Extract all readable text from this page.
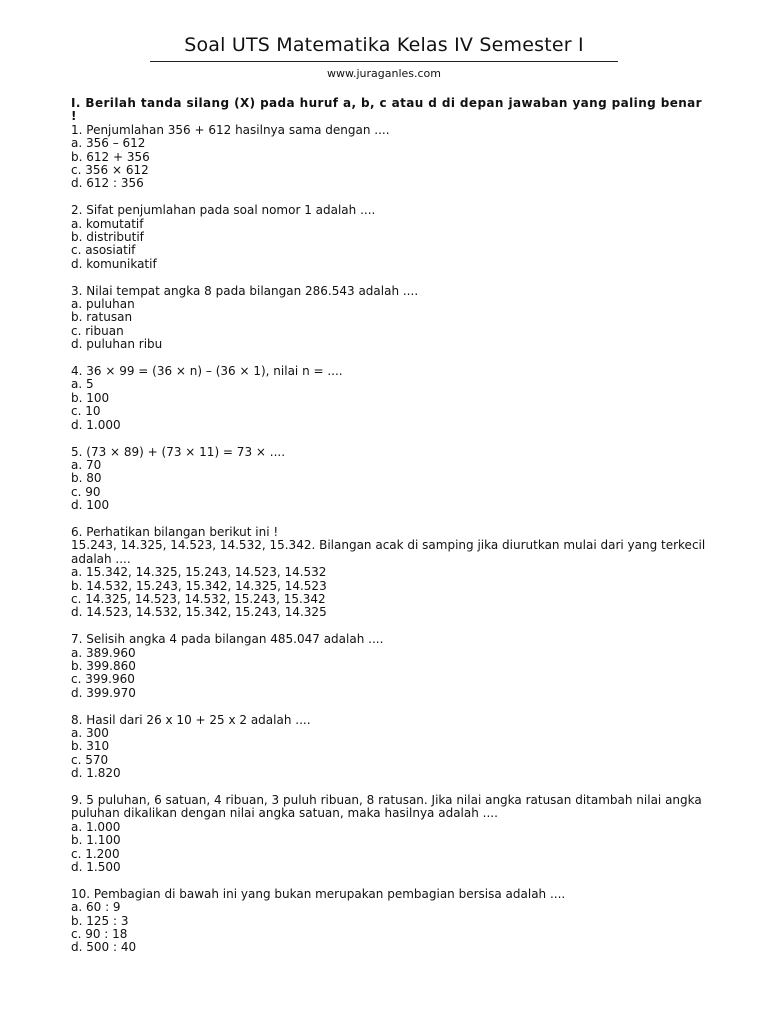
Soal UTS Matematika Kelas IV Semester I
www.juraganles.com

I. Berilah tanda silang (X) pada huruf a, b, c atau d di depan jawaban yang paling benar !

1. Penjumlahan 356 + 612 hasilnya sama dengan ....

a. 356 – 612

b. 612 + 356

c. 356 × 612

d. 612 : 356

2. Sifat penjumlahan pada soal nomor 1 adalah ....

a. komutatif

b. distributif

c. asosiatif

d. komunikatif

3. Nilai tempat angka 8 pada bilangan 286.543 adalah ....

a. puluhan

b. ratusan

c. ribuan

d. puluhan ribu

4. 36 × 99 = (36 × n) – (36 × 1), nilai n = ....

a. 5

b. 100

c. 10

d. 1.000

5. (73 × 89) + (73 × 11) = 73 × ....

a. 70

b. 80

c. 90

d. 100

6. Perhatikan bilangan berikut ini !
15.243, 14.325, 14.523, 14.532, 15.342. Bilangan acak di samping jika diurutkan mulai dari yang terkecil adalah ....

a. 15.342, 14.325, 15.243, 14.523, 14.532

b. 14.532, 15.243, 15.342, 14.325, 14.523

c. 14.325, 14.523, 14.532, 15.243, 15.342

d. 14.523, 14.532, 15.342, 15.243, 14.325

7. Selisih angka 4 pada bilangan 485.047 adalah ....

a. 389.960

b. 399.860

c. 399.960

d. 399.970

8. Hasil dari 26 x 10 + 25 x 2 adalah ....

a. 300

b. 310

c. 570

d. 1.820

9. 5 puluhan, 6 satuan, 4 ribuan, 3 puluh ribuan, 8 ratusan. Jika nilai angka ratusan ditambah nilai angka puluhan dikalikan dengan nilai angka satuan, maka hasilnya adalah ....

a. 1.000

b. 1.100

c. 1.200

d. 1.500

10. Pembagian di bawah ini yang bukan merupakan pembagian bersisa adalah ....

a. 60 : 9

b. 125 : 3

c. 90 : 18

d. 500 : 40
